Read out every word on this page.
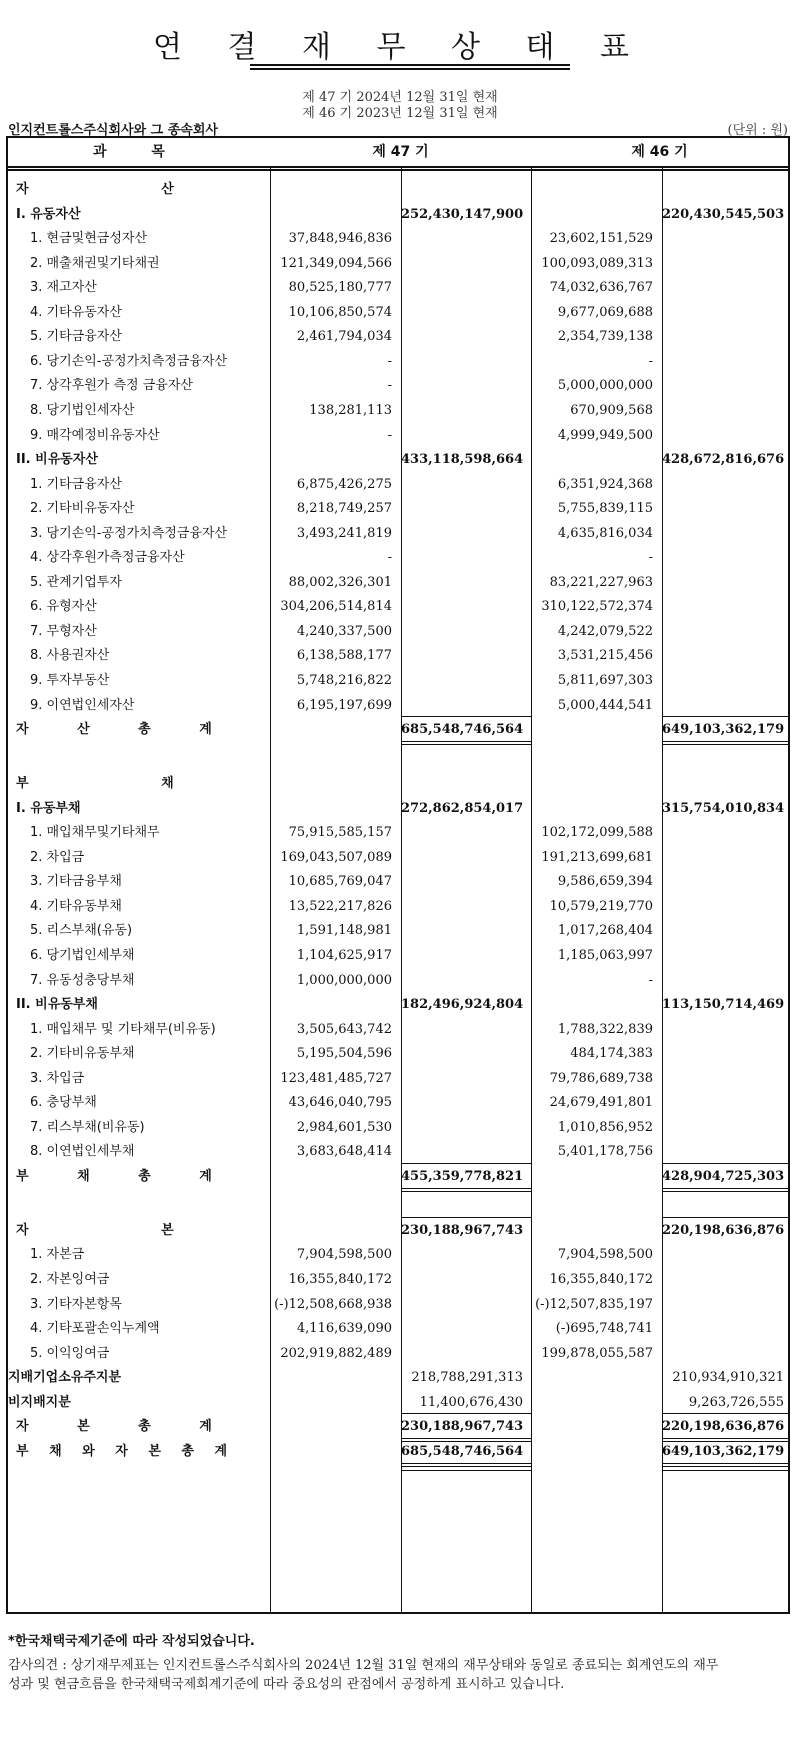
연 결 재 무 상 태 표
제 47 기 2024년 12월 31일 현재
제 46 기 2023년 12월 31일 현재
인지컨트롤스주식회사와 그 종속회사	(단위 : 원)
과 목	제 47 기	제 46 기
자 산
I. 유동자산	252,430,147,900	220,430,545,503
1. 현금및현금성자산	37,848,946,836	23,602,151,529
2. 매출채권및기타채권	121,349,094,566	100,093,089,313
3. 재고자산	80,525,180,777	74,032,636,767
4. 기타유동자산	10,106,850,574	9,677,069,688
5. 기타금융자산	2,461,794,034	2,354,739,138
6. 당기손익-공정가치측정금융자산	-	-
7. 상각후원가 측정 금융자산	-	5,000,000,000
8. 당기법인세자산	138,281,113	670,909,568
9. 매각예정비유동자산	-	4,999,949,500
II. 비유동자산	433,118,598,664	428,672,816,676
1. 기타금융자산	6,875,426,275	6,351,924,368
2. 기타비유동자산	8,218,749,257	5,755,839,115
3. 당기손익-공정가치측정금융자산	3,493,241,819	4,635,816,034
4. 상각후원가측정금융자산	-	-
5. 관계기업투자	88,002,326,301	83,221,227,963
6. 유형자산	304,206,514,814	310,122,572,374
7. 무형자산	4,240,337,500	4,242,079,522
8. 사용권자산	6,138,588,177	3,531,215,456
9. 투자부동산	5,748,216,822	5,811,697,303
9. 이연법인세자산	6,195,197,699	5,000,444,541
자 산 총 계	685,548,746,564	649,103,362,179
부 채
I. 유동부채	272,862,854,017	315,754,010,834
1. 매입채무및기타채무	75,915,585,157	102,172,099,588
2. 차입금	169,043,507,089	191,213,699,681
3. 기타금융부채	10,685,769,047	9,586,659,394
4. 기타유동부채	13,522,217,826	10,579,219,770
5. 리스부채(유동)	1,591,148,981	1,017,268,404
6. 당기법인세부채	1,104,625,917	1,185,063,997
7. 유동성충당부채	1,000,000,000	-
II. 비유동부채	182,496,924,804	113,150,714,469
1. 매입채무 및 기타채무(비유동)	3,505,643,742	1,788,322,839
2. 기타비유동부채	5,195,504,596	484,174,383
3. 차입금	123,481,485,727	79,786,689,738
6. 충당부채	43,646,040,795	24,679,491,801
7. 리스부채(비유동)	2,984,601,530	1,010,856,952
8. 이연법인세부채	3,683,648,414	5,401,178,756
부 채 총 계	455,359,778,821	428,904,725,303
자 본	230,188,967,743	220,198,636,876
1. 자본금	7,904,598,500	7,904,598,500
2. 자본잉여금	16,355,840,172	16,355,840,172
3. 기타자본항목	(-)12,508,668,938	(-)12,507,835,197
4. 기타포괄손익누계액	4,116,639,090	(-)695,748,741
5. 이익잉여금	202,919,882,489	199,878,055,587
지배기업소유주지분	218,788,291,313	210,934,910,321
비지배지분	11,400,676,430	9,263,726,555
자 본 총 계	230,188,967,743	220,198,636,876
부 채 와 자 본 총 계	685,548,746,564	649,103,362,179
*한국채택국제기준에 따라 작성되었습니다.
감사의견 : 상기재무제표는 인지컨트롤스주식회사의 2024년 12월 31일 현재의 재무상태와 동일로 종료되는 회계연도의 재무성과 및 현금흐름을 한국채택국제회계기준에 따라 중요성의 관점에서 공정하게 표시하고 있습니다.
